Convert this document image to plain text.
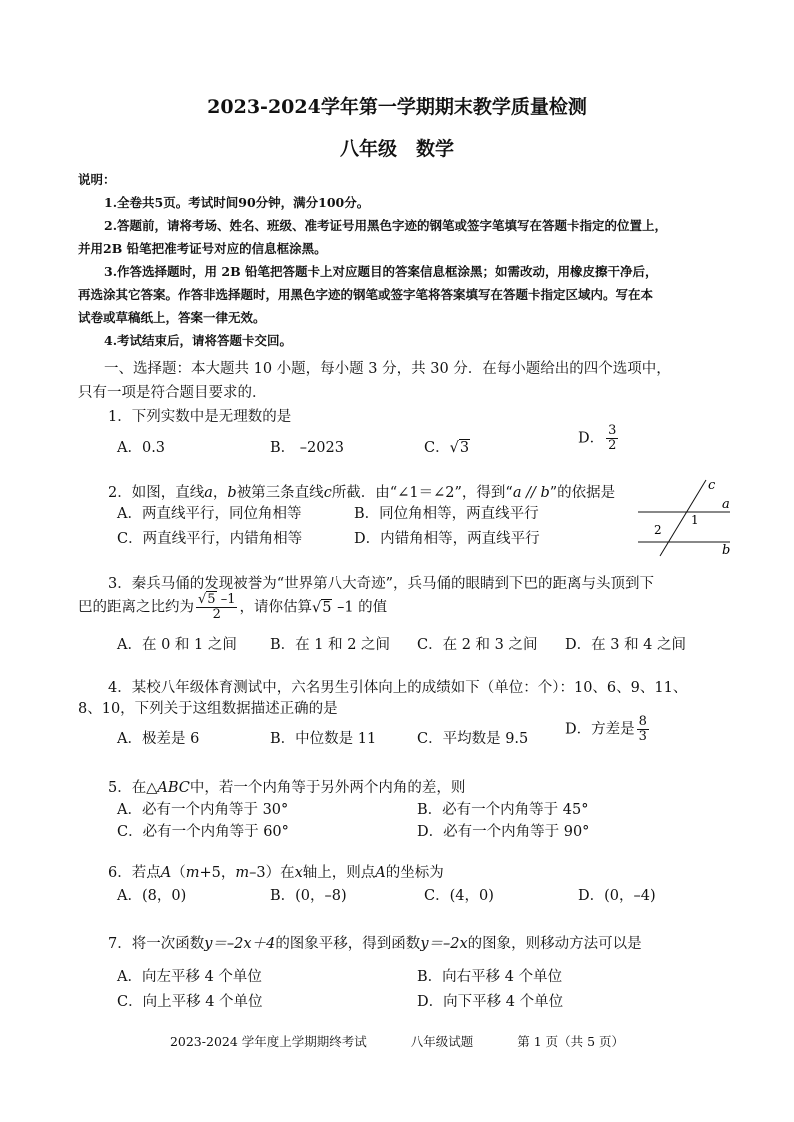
2023-2024学年第一学期期末教学质量检测
八年级　数学
说明：
1.全卷共5页。考试时间90分钟，满分100分。
2.答题前，请将考场、姓名、班级、准考证号用黑色字迹的钢笔或签字笔填写在答题卡指定的位置上，
并用2B 铅笔把准考证号对应的信息框涂黑。
3.作答选择题时，用 2B 铅笔把答题卡上对应题目的答案信息框涂黑；如需改动，用橡皮擦干净后，
再选涂其它答案。作答非选择题时，用黑色字迹的钢笔或签字笔将答案填写在答题卡指定区域内。写在本
试卷或草稿纸上，答案一律无效。
4.考试结束后，请将答题卡交回。
一、选择题：本大题共 10 小题，每小题 3 分，共 30 分．在每小题给出的四个选项中，
只有一项是符合题目要求的．
1．下列实数中是无理数的是
A．0.3	B． –2023	C．√3
D． $\frac{3}{2}$
2．如图，直线a，b被第三条直线c所截．由“∠1＝∠2”，得到“a // b”的依据是
A．两直线平行，同位角相等	B．同位角相等，两直线平行
C．两直线平行，内错角相等	D．内错角相等，两直线平行
c
a
b
1
2
3．秦兵马俑的发现被誉为“世界第八大奇迹”，兵马俑的眼睛到下巴的距离与头顶到下
巴的距离之比约为 $\frac{√5 -1}{2}$ ，请你估算√5 –1 的值
A．在 0 和 1 之间 B．在 1 和 2 之间 C．在 2 和 3 之间 D．在 3 和 4 之间
4．某校八年级体育测试中，六名男生引体向上的成绩如下（单位：个）：10、6、9、11、
8、10，下列关于这组数据描述正确的是
A．极差是 6	B．中位数是 11	C．平均数是 9.5
D．方差是 $\frac{8}{3}$
5．在△ABC中，若一个内角等于另外两个内角的差，则
A．必有一个内角等于 30°	B．必有一个内角等于 45°
C．必有一个内角等于 60°	D．必有一个内角等于 90°
6．若点A（m+5，m–3）在x轴上，则点A的坐标为
A．(8，0)	B．(0，–8)	C．(4，0)	D．(0，–4)
7．将一次函数y＝–2x＋4的图象平移，得到函数y＝–2x的图象，则移动方法可以是
A．向左平移 4 个单位	B．向右平移 4 个单位
C．向上平移 4 个单位	D．向下平移 4 个单位
2023-2024 学年度上学期期终考试	八年级试题	第 1 页（共 5 页）
